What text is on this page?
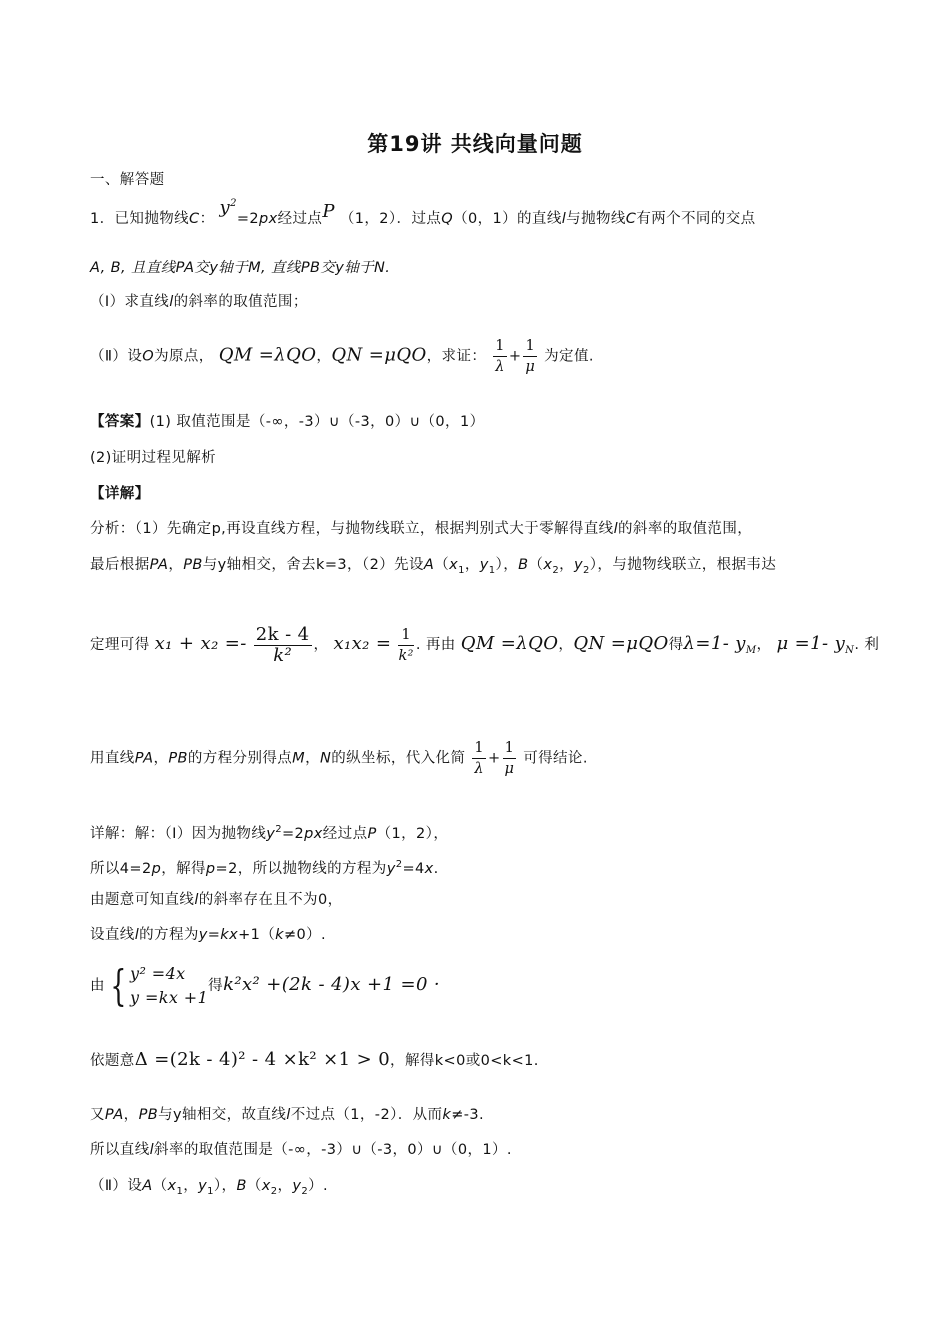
第19讲 共线向量问题
一、解答题
1．已知抛物线C： $y^2=2px$经过点P （1，2）．过点Q（0，1）的直线l与抛物线C有两个不同的交点
A, B, 且直线PA交y轴于M, 直线PB交y轴于N.
（Ⅰ）求直线l的斜率的取值范围；
（Ⅱ）设O为原点， QM =λQO，QN =μQO，求证： $\frac{1}{\lambda} + \frac{1}{\mu}$ 为定值.
【答案】(1) 取值范围是（-∞，-3）∪（-3，0）∪（0，1）
(2)证明过程见解析
【详解】
分析：（1）先确定p,再设直线方程，与抛物线联立，根据判别式大于零解得直线l的斜率的取值范围，
最后根据PA，PB与y轴相交，舍去k=3，（2）先设$A(x_1$，$y_1$），$B(x_2$，$y_2$），与抛物线联立，根据韦达
定理可得 $x_1 + x_2 =- \frac{2k - 4}{\text{k²}}$ ， $x_1x_2 = \frac{1}{\text{k²}}$ . 再由 QM =λQO，QN =μQO得λ=1- $y_M$， μ =1- $y_N$. 利
用直线PA，PB的方程分别得点M，N的纵坐标，代入化简 $\frac{1}{\lambda} + \frac{1}{\mu}$ 可得结论.
详解：解：（Ⅰ）因为抛物线$y^2=2px$经过点P（1，2），
所以4=2p，解得p=2，所以抛物线的方程为$y^2=4x$.
由题意可知直线l的斜率存在且不为0，
设直线l的方程为y=kx+1（k≠0）.
由 { y² =4x
y =kx +1
得k²x² +(2k - 4)x +1 =0 ·
依题意Δ =(2k - 4)² - 4 ×k² ×1 > 0，解得k<0或0<k<1.
又PA，PB与y轴相交，故直线l不过点（1，-2）．从而k≠-3.
所以直线l斜率的取值范围是（-∞，-3）∪（-3，0）∪（0，1）.
（Ⅱ）设$A(x_1$，$y_1$），$B(x_2$，$y_2$）.
